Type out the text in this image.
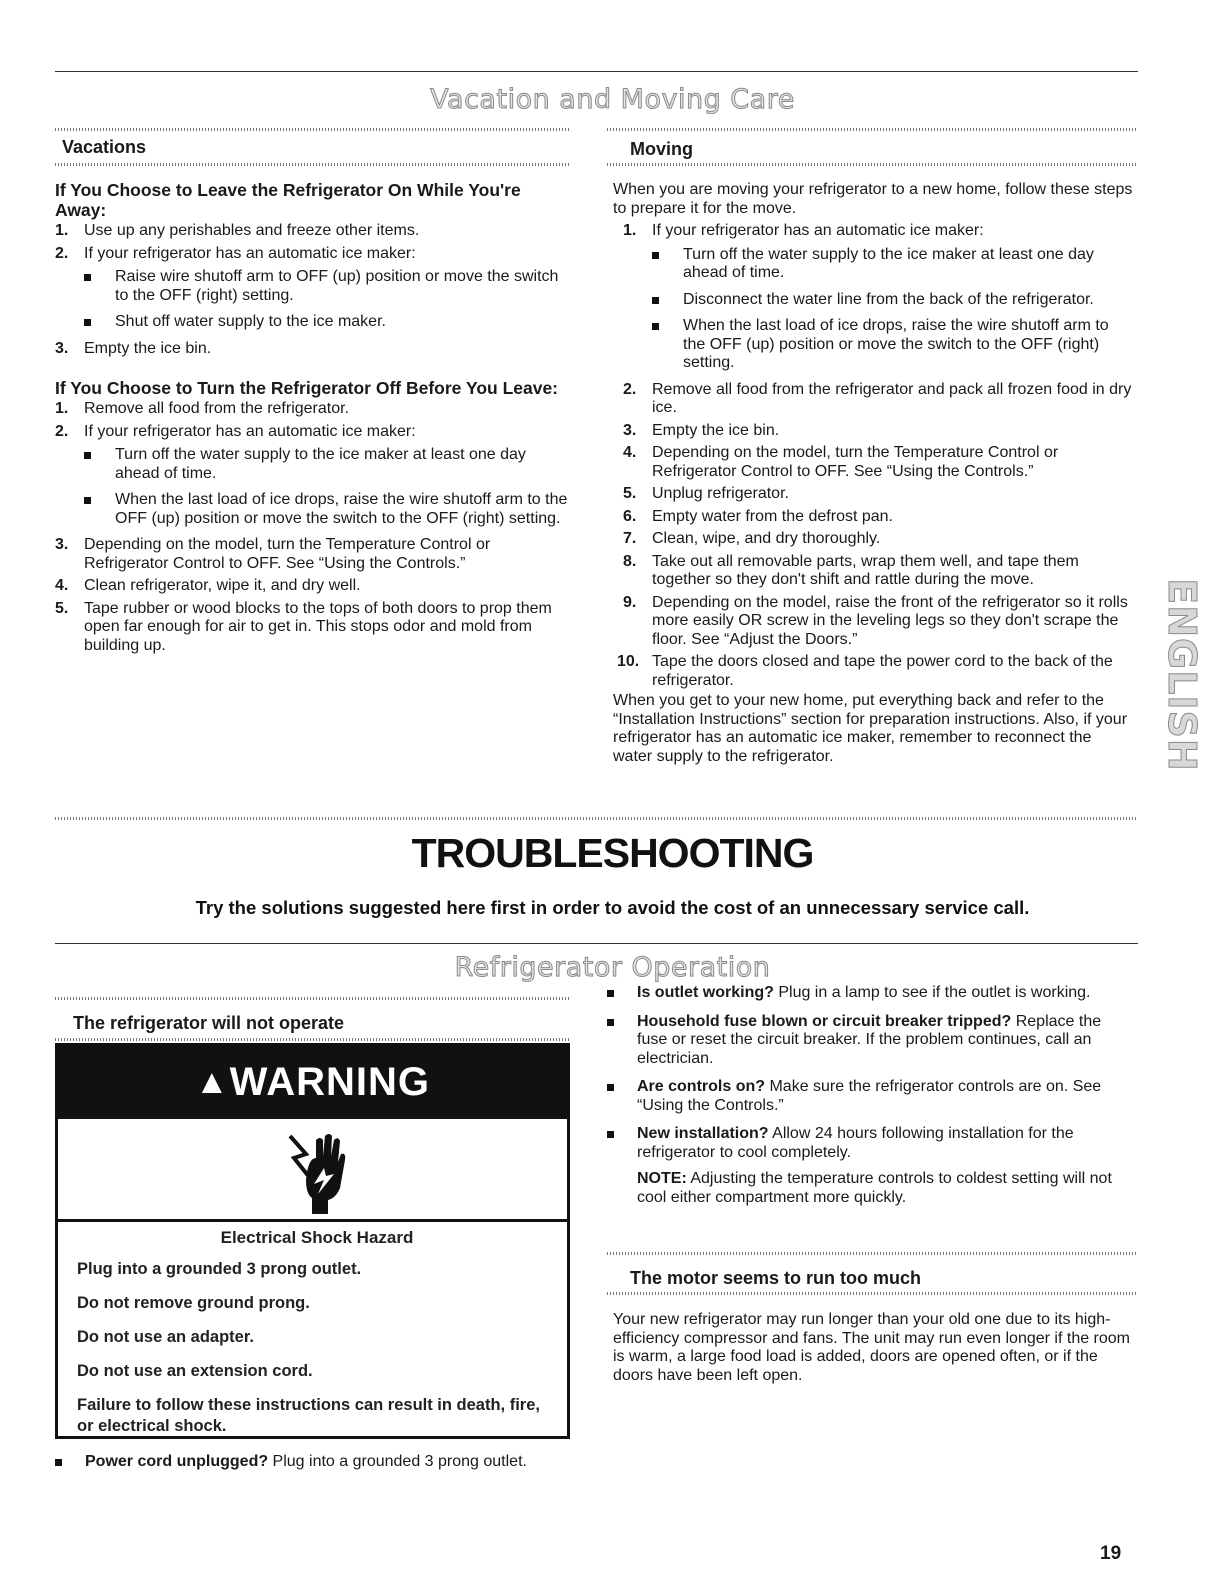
Vacation and Moving Care
Vacations

If You Choose to Leave the Refrigerator On While You're Away:

1. Use up any perishables and freeze other items.
2. If your refrigerator has an automatic ice maker:
Raise wire shutoff arm to OFF (up) position or move the switch to the OFF (right) setting.
Shut off water supply to the ice maker.
3. Empty the ice bin.

If You Choose to Turn the Refrigerator Off Before You Leave:

1. Remove all food from the refrigerator.
2. If your refrigerator has an automatic ice maker:
Turn off the water supply to the ice maker at least one day ahead of time.
When the last load of ice drops, raise the wire shutoff arm to the OFF (up) position or move the switch to the OFF (right) setting.
3. Depending on the model, turn the Temperature Control or Refrigerator Control to OFF. See “Using the Controls.”
4. Clean refrigerator, wipe it, and dry well.
5. Tape rubber or wood blocks to the tops of both doors to prop them open far enough for air to get in. This stops odor and mold from building up.
Moving

When you are moving your refrigerator to a new home, follow these steps to prepare it for the move.

1. If your refrigerator has an automatic ice maker:
Turn off the water supply to the ice maker at least one day ahead of time.
Disconnect the water line from the back of the refrigerator.
When the last load of ice drops, raise the wire shutoff arm to the OFF (up) position or move the switch to the OFF (right) setting.
2. Remove all food from the refrigerator and pack all frozen food in dry ice.
3. Empty the ice bin.
4. Depending on the model, turn the Temperature Control or Refrigerator Control to OFF. See “Using the Controls.”
5. Unplug refrigerator.
6. Empty water from the defrost pan.
7. Clean, wipe, and dry thoroughly.
8. Take out all removable parts, wrap them well, and tape them together so they don't shift and rattle during the move.
9. Depending on the model, raise the front of the refrigerator so it rolls more easily OR screw in the leveling legs so they don't scrape the floor. See “Adjust the Doors.”
10. Tape the doors closed and tape the power cord to the back of the refrigerator.

When you get to your new home, put everything back and refer to the “Installation Instructions” section for preparation instructions. Also, if your refrigerator has an automatic ice maker, remember to reconnect the water supply to the refrigerator.	ENGLISH
TROUBLESHOOTING
Try the solutions suggested here first in order to avoid the cost of an unnecessary service call.
Refrigerator Operation
The refrigerator will not operate
▲WARNING

Electrical Shock Hazard

Plug into a grounded 3 prong outlet.

Do not remove ground prong.

Do not use an adapter.

Do not use an extension cord.

Failure to follow these instructions can result in death, fire, or electrical shock.

Power cord unplugged? Plug into a grounded 3 prong outlet.
Is outlet working? Plug in a lamp to see if the outlet is working.
Household fuse blown or circuit breaker tripped? Replace the fuse or reset the circuit breaker. If the problem continues, call an electrician.
Are controls on? Make sure the refrigerator controls are on. See “Using the Controls.”
New installation? Allow 24 hours following installation for the refrigerator to cool completely.

NOTE: Adjusting the temperature controls to coldest setting will not cool either compartment more quickly.

The motor seems to run too much
Your new refrigerator may run longer than your old one due to its high-efficiency compressor and fans. The unit may run even longer if the room is warm, a large food load is added, doors are opened often, or if the doors have been left open.
19
